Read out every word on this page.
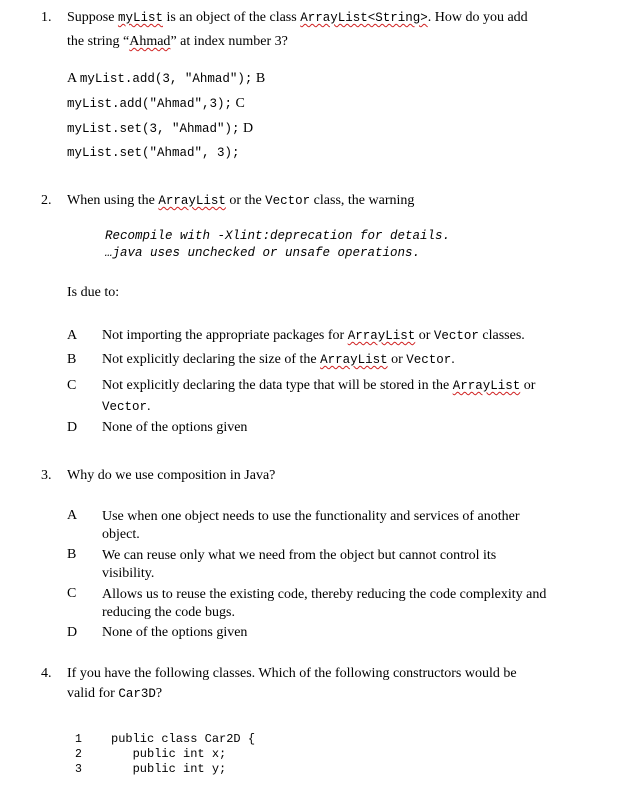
1. Suppose myList is an object of the class ArrayList<String>. How do you add
the string “Ahmad” at index number 3?
A myList.add(3, "Ahmad"); B
myList.add("Ahmad",3); C
myList.set(3, "Ahmad"); D
myList.set("Ahmad", 3);
2. When using the ArrayList or the Vector class, the warning
Recompile with -Xlint:deprecation for details.
…java uses unchecked or unsafe operations.
Is due to:
A Not importing the appropriate packages for ArrayList or Vector classes.
B Not explicitly declaring the size of the ArrayList or Vector.
C Not explicitly declaring the data type that will be stored in the ArrayList or
Vector.
D None of the options given
3. Why do we use composition in Java?
A Use when one object needs to use the functionality and services of another object.
B We can reuse only what we need from the object but cannot control its visibility.
C Allows us to reuse the existing code, thereby reducing the code complexity and reducing the code bugs.
D None of the options given
4. If you have the following classes. Which of the following constructors would be
valid for Car3D?
1 public class Car2D {
2 public int x;
3 public int y;
